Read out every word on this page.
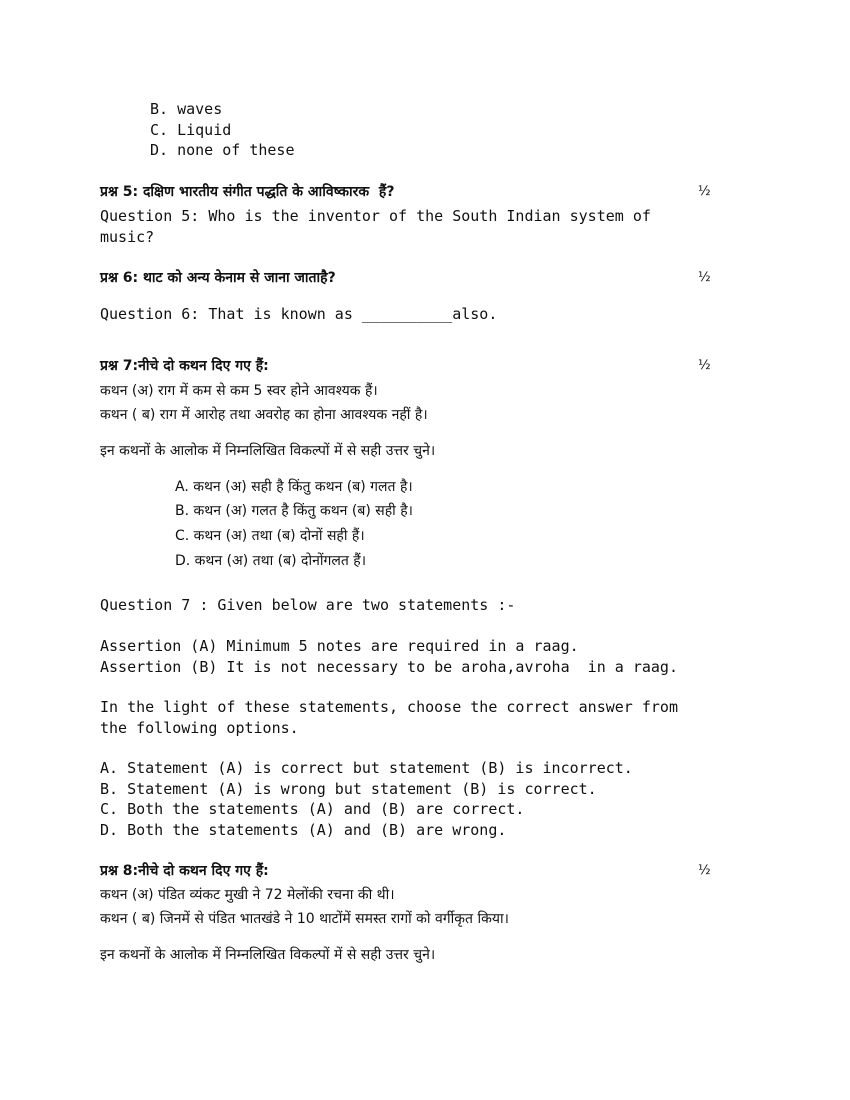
B. waves
C. Liquid
D. none of these
प्रश्न 5: दक्षिण भारतीय संगीत पद्धति के आविष्कारक  हैं?	½
Question 5: Who is the inventor of the South Indian system of
music?
प्रश्न 6: थाट को अन्य केनाम से जाना जाताहै?	½
Question 6: That is known as __________also.
प्रश्न 7:नीचे दो कथन दिए गए हैं:	½
कथन (अ) राग में कम से कम 5 स्वर होने आवश्यक हैं।
कथन ( ब) राग में आरोह तथा अवरोह का होना आवश्यक नहीं है।
इन कथनों के आलोक में निम्नलिखित विकल्पों में से सही उत्तर चुने।
A. कथन (अ) सही है किंतु कथन (ब) गलत है।
B. कथन (अ) गलत है किंतु कथन (ब) सही है।
C. कथन (अ) तथा (ब) दोनों सही हैं।
D. कथन (अ) तथा (ब) दोनोंगलत हैं।
Question 7 : Given below are two statements :-
Assertion (A) Minimum 5 notes are required in a raag.
Assertion (B) It is not necessary to be aroha,avroha  in a raag.
In the light of these statements, choose the correct answer from
the following options.
A. Statement (A) is correct but statement (B) is incorrect.
B. Statement (A) is wrong but statement (B) is correct.
C. Both the statements (A) and (B) are correct.
D. Both the statements (A) and (B) are wrong.
प्रश्न 8:नीचे दो कथन दिए गए हैं:	½
कथन (अ) पंडित व्यंकट मुखी ने 72 मेलोंकी रचना की थी।
कथन ( ब) जिनमें से पंडित भातखंडे ने 10 थाटोंमें समस्त रागों को वर्गीकृत किया।
इन कथनों के आलोक में निम्नलिखित विकल्पों में से सही उत्तर चुने।
